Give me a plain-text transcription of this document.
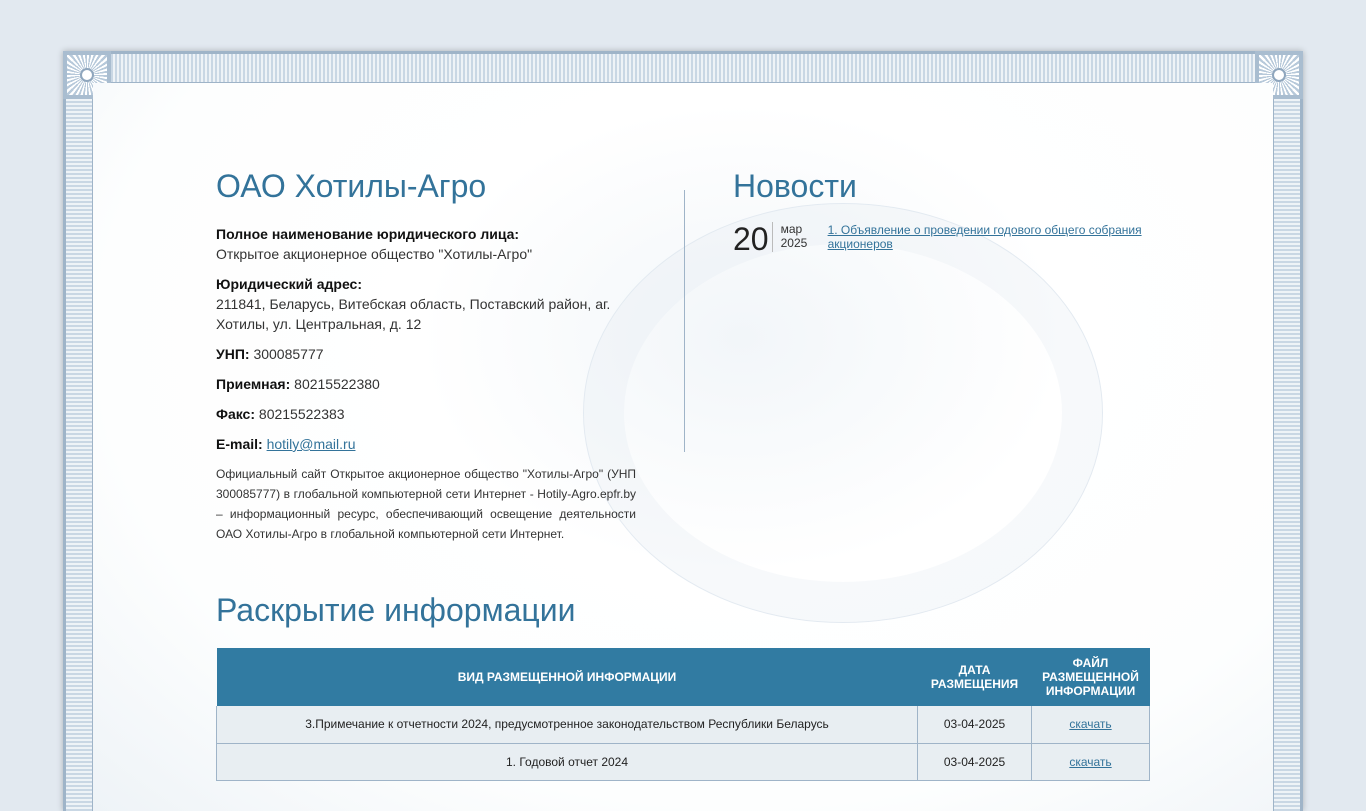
ОАО Хотилы-Агро

Полное наименование юридического лица:
Открытое акционерное общество "Хотилы-Агро"

Юридический адрес:
211841, Беларусь, Витебская область, Поставский район, аг. Хотилы, ул. Центральная, д. 12

УНП: 300085777

Приемная: 80215522380

Факс: 80215522383

E-mail: hotily@mail.ru

Официальный сайт Открытое акционерное общество "Хотилы-Агро" (УНП 300085777) в глобальной компьютерной сети Интернет - Hotily-Agro.epfr.by – информационный ресурс, обеспечивающий освещение деятельности ОАО Хотилы-Агро в глобальной компьютерной сети Интернет.

Новости
20	мар
2025
1. Объявление о проведении годового общего собрания акционеров
Раскрытие информации
ВИД РАЗМЕЩЕННОЙ ИНФОРМАЦИИ	ДАТА РАЗМЕЩЕНИЯ	ФАЙЛ РАЗМЕЩЕННОЙ ИНФОРМАЦИИ
3.Примечание к отчетности 2024, предусмотренное законодательством Республики Беларусь	03-04-2025	скачать
1. Годовой отчет 2024	03-04-2025	скачать
